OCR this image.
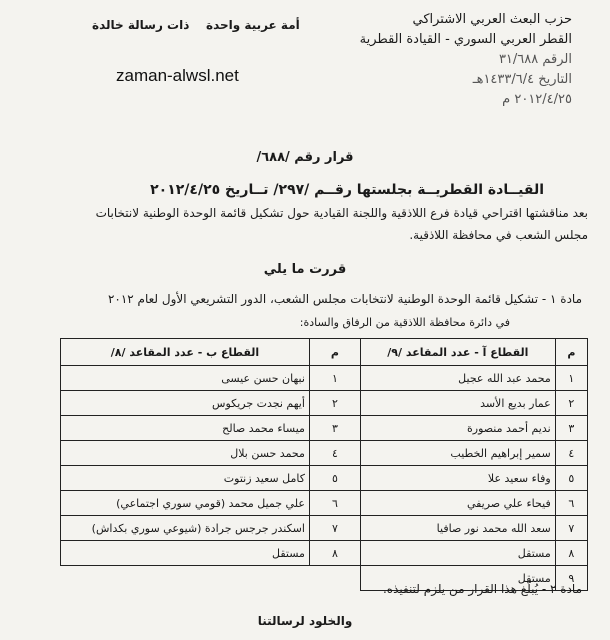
حزب البعث العربي الاشتراكي
القطر العربي السوري - القيادة القطرية
الرقم ٣١/٦٨٨
التاريخ ١٤٣٣/٦/٤هـ
٢٠١٢/٤/٢٥ م
أمة عربية واحدة
ذات رسالة خالدة
zaman-alwsl.net
قرار رقم /٦٨٨/
القيــادة القطريــة بجلستها رقــم /٢٩٧/ تــاريخ ٢٠١٢/٤/٢٥
بعد مناقشتها اقتراحي قيادة فرع اللاذقية واللجنة القيادية حول تشكيل قائمة الوحدة الوطنية لانتخابات
مجلس الشعب في محافظة اللاذقية.
قررت ما يلي
مادة ١ - تشكيل قائمة الوحدة الوطنية لانتخابات مجلس الشعب، الدور التشريعي الأول لعام ٢٠١٢
في دائرة محافظة اللاذقية من الرفاق والسادة:
م	القطاع آ - عدد المقاعد /٩/	م	القطاع ب - عدد المقاعد /٨/
١	محمد عبد الله عجيل	١	نبهان حسن عيسى
٢	عمار بديع الأسد	٢	أيهم نجدت جريكوس
٣	نديم أحمد منصورة	٣	ميساء محمد صالح
٤	سمير إبراهيم الخطيب	٤	محمد حسن بلال
٥	وفاء سعيد علا	٥	كامل سعيد زنتوت
٦	فيحاء علي صريفي	٦	علي جميل محمد (قومي سوري اجتماعي)
٧	سعد الله محمد نور صافيا	٧	اسكندر جرجس جرادة (شيوعي سوري بكداش)
٨	مستقل	٨	مستقل
٩	مستقل		
مادة ٢ - يُبلّغ هذا القرار من يلزم لتنفيذه.
والخلود لرسالتنا
